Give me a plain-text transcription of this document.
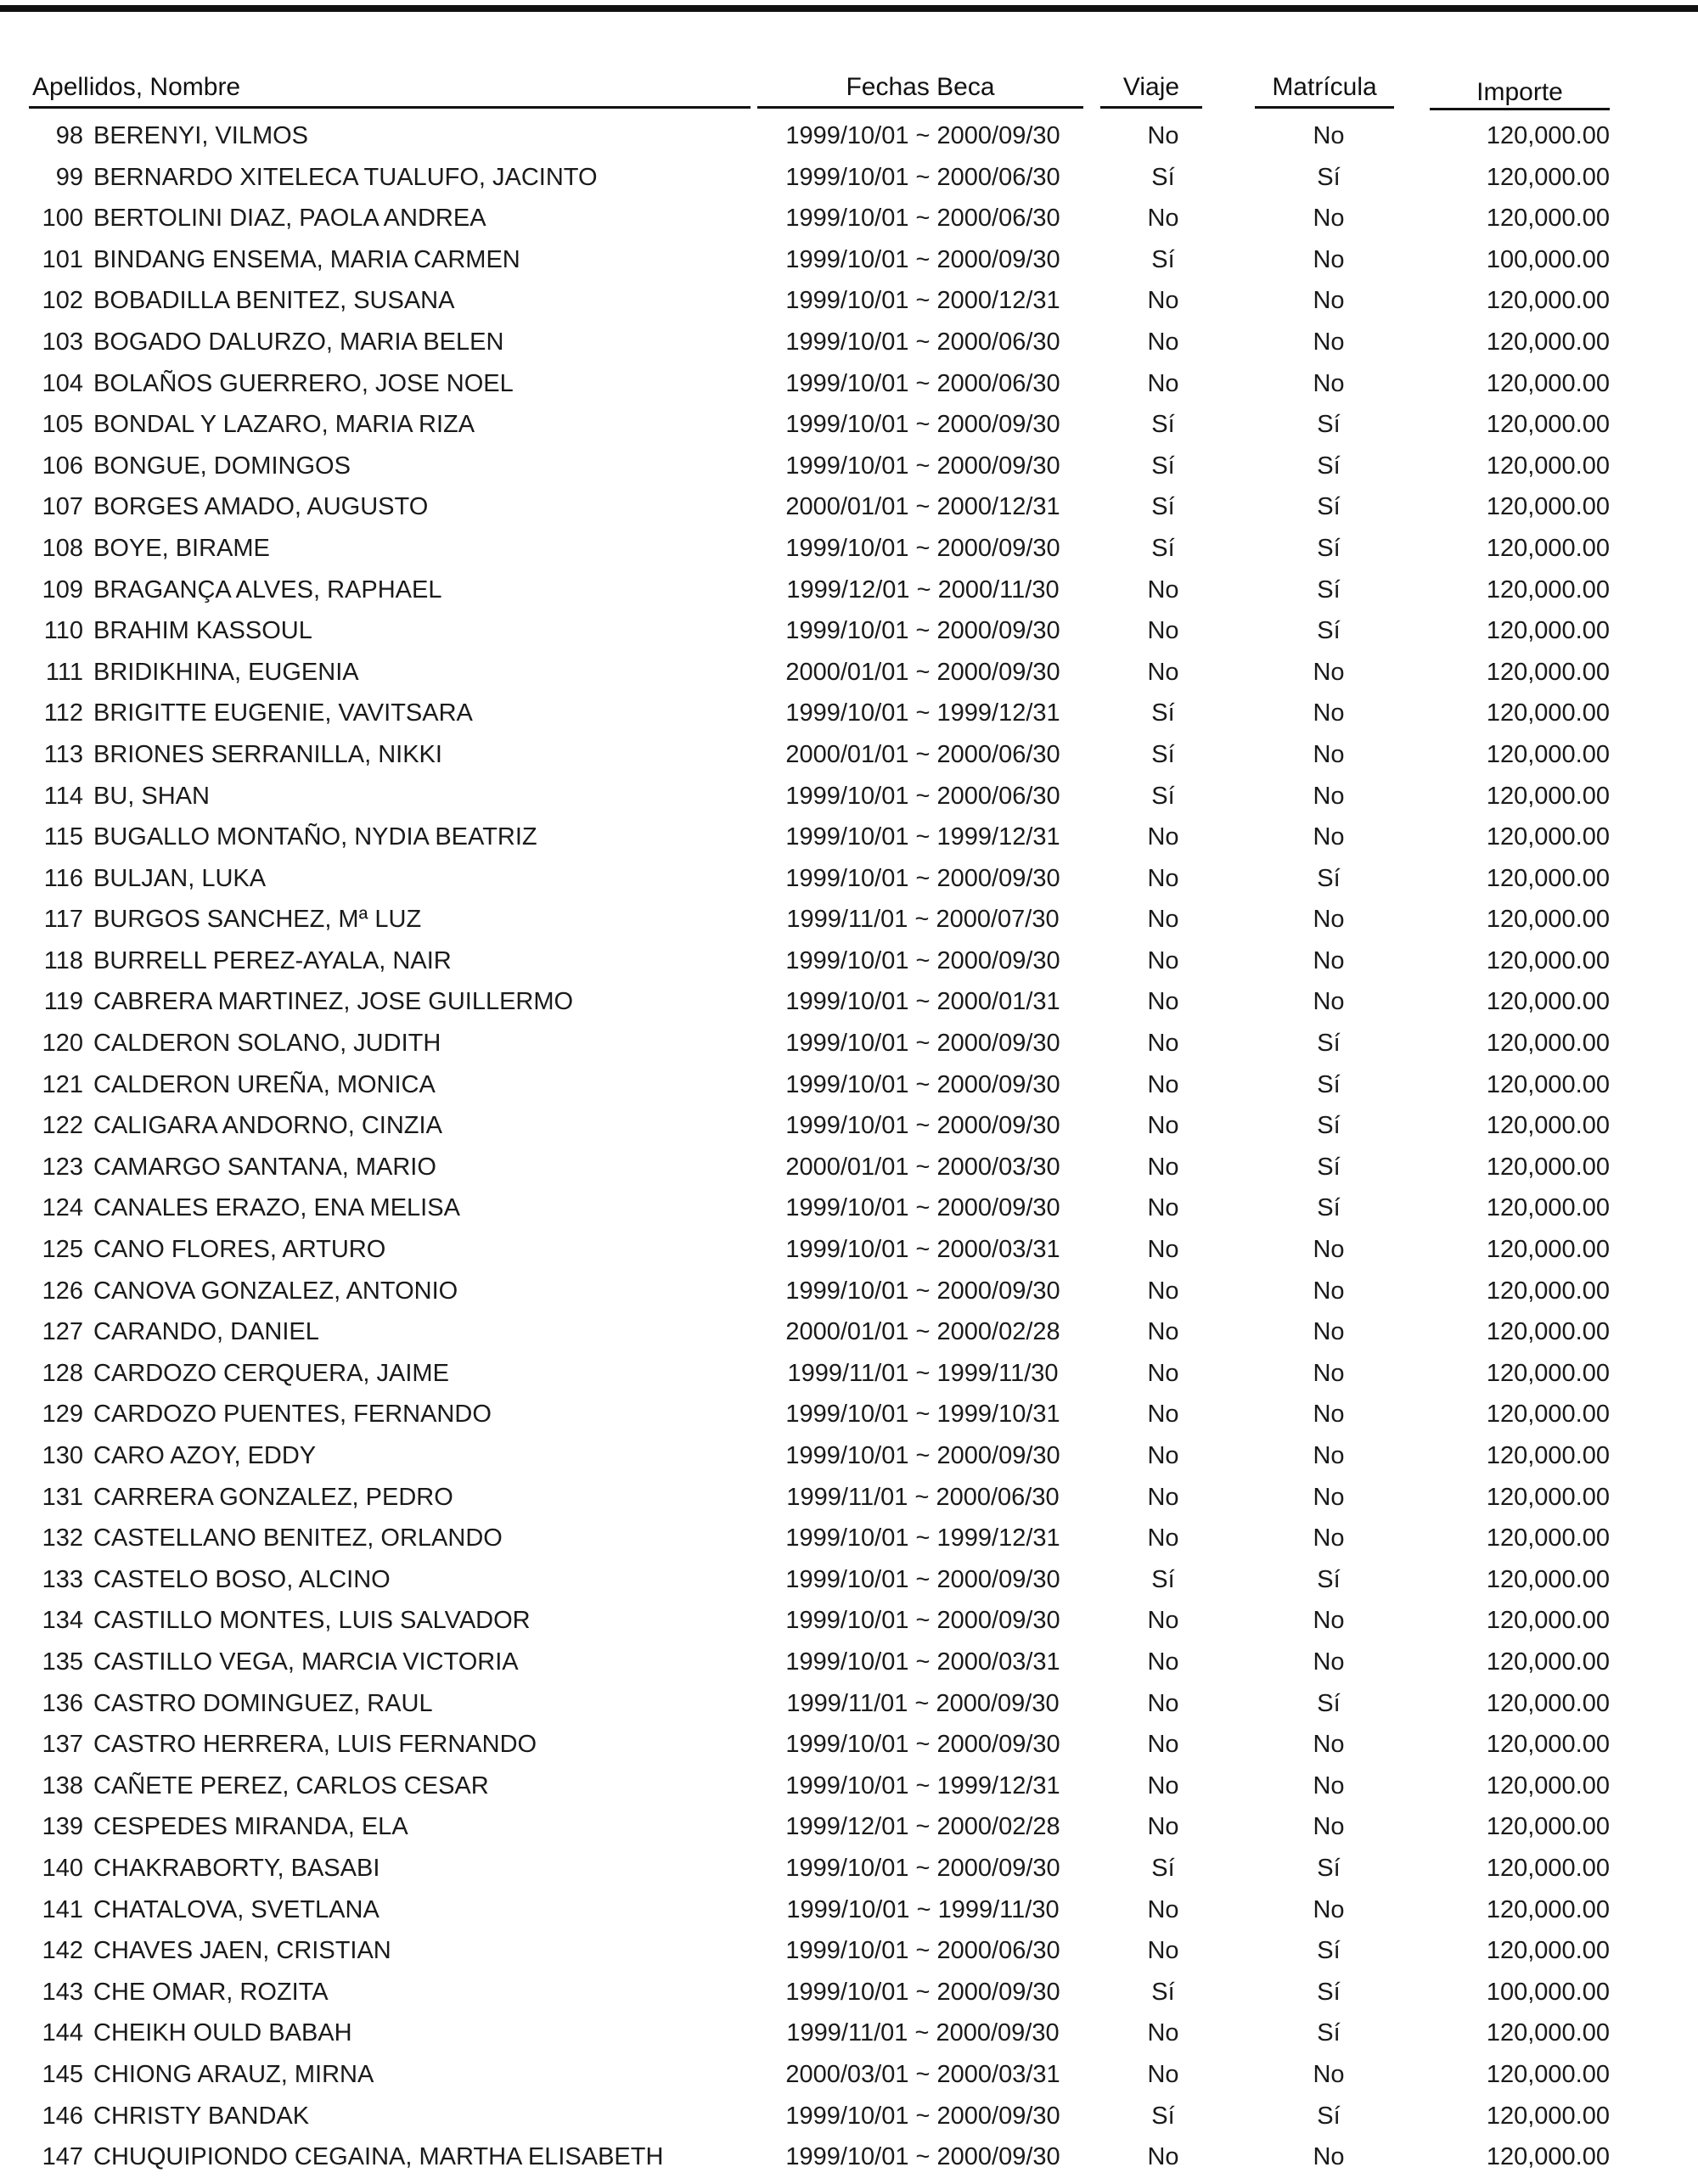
Apellidos, Nombre	Fechas Beca	Viaje	Matrícula	Importe
98 BERENYI, VILMOS	1999/10/01 ~ 2000/09/30	No	No	120,000.00
99 BERNARDO XITELECA TUALUFO, JACINTO	1999/10/01 ~ 2000/06/30	Sí	Sí	120,000.00
100 BERTOLINI DIAZ, PAOLA ANDREA	1999/10/01 ~ 2000/06/30	No	No	120,000.00
101 BINDANG ENSEMA, MARIA CARMEN	1999/10/01 ~ 2000/09/30	Sí	No	100,000.00
102 BOBADILLA BENITEZ, SUSANA	1999/10/01 ~ 2000/12/31	No	No	120,000.00
103 BOGADO DALURZO, MARIA BELEN	1999/10/01 ~ 2000/06/30	No	No	120,000.00
104 BOLAÑOS GUERRERO, JOSE NOEL	1999/10/01 ~ 2000/06/30	No	No	120,000.00
105 BONDAL Y LAZARO, MARIA RIZA	1999/10/01 ~ 2000/09/30	Sí	Sí	120,000.00
106 BONGUE, DOMINGOS	1999/10/01 ~ 2000/09/30	Sí	Sí	120,000.00
107 BORGES AMADO, AUGUSTO	2000/01/01 ~ 2000/12/31	Sí	Sí	120,000.00
108 BOYE, BIRAME	1999/10/01 ~ 2000/09/30	Sí	Sí	120,000.00
109 BRAGANÇA ALVES, RAPHAEL	1999/12/01 ~ 2000/11/30	No	Sí	120,000.00
110 BRAHIM KASSOUL	1999/10/01 ~ 2000/09/30	No	Sí	120,000.00
111 BRIDIKHINA, EUGENIA	2000/01/01 ~ 2000/09/30	No	No	120,000.00
112 BRIGITTE EUGENIE, VAVITSARA	1999/10/01 ~ 1999/12/31	Sí	No	120,000.00
113 BRIONES SERRANILLA, NIKKI	2000/01/01 ~ 2000/06/30	Sí	No	120,000.00
114 BU, SHAN	1999/10/01 ~ 2000/06/30	Sí	No	120,000.00
115 BUGALLO MONTAÑO, NYDIA BEATRIZ	1999/10/01 ~ 1999/12/31	No	No	120,000.00
116 BULJAN, LUKA	1999/10/01 ~ 2000/09/30	No	Sí	120,000.00
117 BURGOS SANCHEZ, Mª LUZ	1999/11/01 ~ 2000/07/30	No	No	120,000.00
118 BURRELL PEREZ-AYALA, NAIR	1999/10/01 ~ 2000/09/30	No	No	120,000.00
119 CABRERA MARTINEZ, JOSE GUILLERMO	1999/10/01 ~ 2000/01/31	No	No	120,000.00
120 CALDERON SOLANO, JUDITH	1999/10/01 ~ 2000/09/30	No	Sí	120,000.00
121 CALDERON UREÑA, MONICA	1999/10/01 ~ 2000/09/30	No	Sí	120,000.00
122 CALIGARA ANDORNO, CINZIA	1999/10/01 ~ 2000/09/30	No	Sí	120,000.00
123 CAMARGO SANTANA, MARIO	2000/01/01 ~ 2000/03/30	No	Sí	120,000.00
124 CANALES ERAZO, ENA MELISA	1999/10/01 ~ 2000/09/30	No	Sí	120,000.00
125 CANO FLORES, ARTURO	1999/10/01 ~ 2000/03/31	No	No	120,000.00
126 CANOVA GONZALEZ, ANTONIO	1999/10/01 ~ 2000/09/30	No	No	120,000.00
127 CARANDO, DANIEL	2000/01/01 ~ 2000/02/28	No	No	120,000.00
128 CARDOZO CERQUERA, JAIME	1999/11/01 ~ 1999/11/30	No	No	120,000.00
129 CARDOZO PUENTES, FERNANDO	1999/10/01 ~ 1999/10/31	No	No	120,000.00
130 CARO AZOY, EDDY	1999/10/01 ~ 2000/09/30	No	No	120,000.00
131 CARRERA GONZALEZ, PEDRO	1999/11/01 ~ 2000/06/30	No	No	120,000.00
132 CASTELLANO BENITEZ, ORLANDO	1999/10/01 ~ 1999/12/31	No	No	120,000.00
133 CASTELO BOSO, ALCINO	1999/10/01 ~ 2000/09/30	Sí	Sí	120,000.00
134 CASTILLO MONTES, LUIS SALVADOR	1999/10/01 ~ 2000/09/30	No	No	120,000.00
135 CASTILLO VEGA, MARCIA VICTORIA	1999/10/01 ~ 2000/03/31	No	No	120,000.00
136 CASTRO DOMINGUEZ, RAUL	1999/11/01 ~ 2000/09/30	No	Sí	120,000.00
137 CASTRO HERRERA, LUIS FERNANDO	1999/10/01 ~ 2000/09/30	No	No	120,000.00
138 CAÑETE PEREZ, CARLOS CESAR	1999/10/01 ~ 1999/12/31	No	No	120,000.00
139 CESPEDES MIRANDA, ELA	1999/12/01 ~ 2000/02/28	No	No	120,000.00
140 CHAKRABORTY, BASABI	1999/10/01 ~ 2000/09/30	Sí	Sí	120,000.00
141 CHATALOVA, SVETLANA	1999/10/01 ~ 1999/11/30	No	No	120,000.00
142 CHAVES JAEN, CRISTIAN	1999/10/01 ~ 2000/06/30	No	Sí	120,000.00
143 CHE OMAR, ROZITA	1999/10/01 ~ 2000/09/30	Sí	Sí	100,000.00
144 CHEIKH OULD BABAH	1999/11/01 ~ 2000/09/30	No	Sí	120,000.00
145 CHIONG ARAUZ, MIRNA	2000/03/01 ~ 2000/03/31	No	No	120,000.00
146 CHRISTY BANDAK	1999/10/01 ~ 2000/09/30	Sí	Sí	120,000.00
147 CHUQUIPIONDO CEGAINA, MARTHA ELISABETH	1999/10/01 ~ 2000/09/30	No	No	120,000.00
